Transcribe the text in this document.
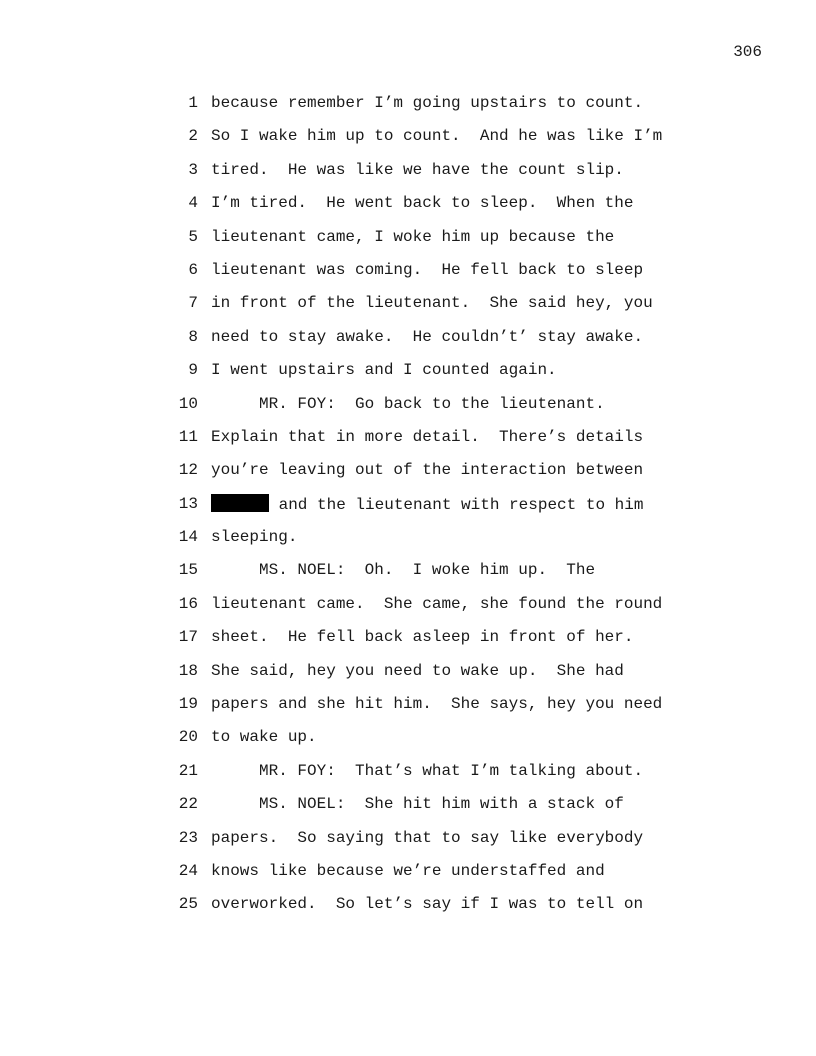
306
1 because remember I’m going upstairs to count.
2 So I wake him up to count.  And he was like I’m
3 tired.  He was like we have the count slip.
4 I’m tired.  He went back to sleep.  When the
5 lieutenant came, I woke him up because the
6 lieutenant was coming.  He fell back to sleep
7 in front of the lieutenant.  She said hey, you
8 need to stay awake.  He couldn’t’ stay awake.
9 I went upstairs and I counted again.
10 MR. FOY:  Go back to the lieutenant.
11 Explain that in more detail.  There’s details
12 you’re leaving out of the interaction between
13	and the lieutenant with respect to him
14 sleeping.
15 MS. NOEL:  Oh.  I woke him up.  The
16 lieutenant came.  She came, she found the round
17 sheet.  He fell back asleep in front of her.
18 She said, hey you need to wake up.  She had
19 papers and she hit him.  She says, hey you need
20 to wake up.
21 MR. FOY:  That’s what I’m talking about.
22 MS. NOEL:  She hit him with a stack of
23 papers.  So saying that to say like everybody
24 knows like because we’re understaffed and
25 overworked.  So let’s say if I was to tell on
